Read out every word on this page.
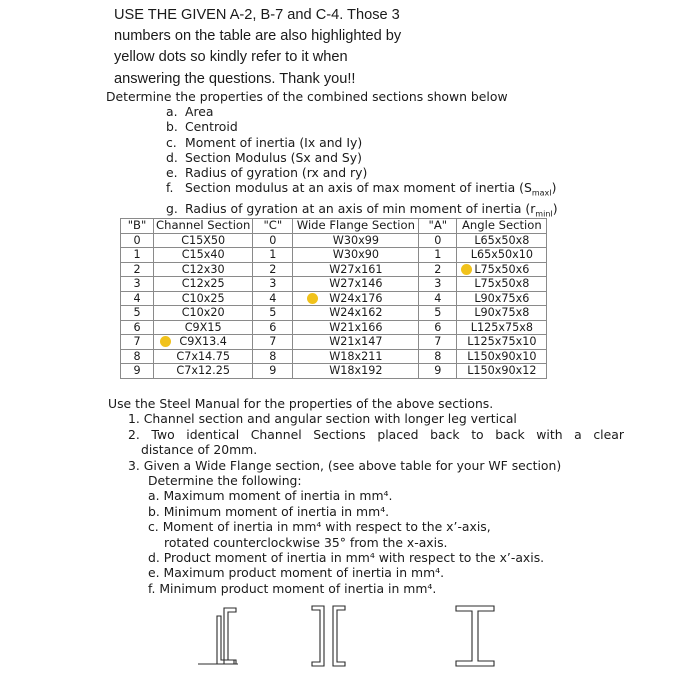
USE THE GIVEN A-2, B-7 and C-4. Those 3
numbers on the table are also highlighted by
yellow dots so kindly refer to it when
answering the questions. Thank you!!
Determine the properties of the combined sections shown below
a. Area
b. Centroid
c. Moment of inertia (Ix and Iy)
d. Section Modulus (Sx and Sy)
e. Radius of gyration (rx and ry)
f. Section modulus at an axis of max moment of inertia $(S_{maxI})$
g. Radius of gyration at an axis of min moment of inertia $(r_{minI})$
"B"	Channel Section	"C"	Wide Flange Section	"A"	Angle Section
0	C15X50	0	W30x99	0	L65x50x8
1	C15x40	1	W30x90	1	L65x50x10
2	C12x30	2	W27x161	2	L75x50x6
3	C12x25	3	W27x146	3	L75x50x8
4	C10x25	4	W24x176	4	L90x75x6
5	C10x20	5	W24x162	5	L90x75x8
6	C9X15	6	W21x166	6	L125x75x8
7	C9X13.4	7	W21x147	7	L125x75x10
8	C7x14.75	8	W18x211	8	L150x90x10
9	C7x12.25	9	W18x192	9	L150x90x12
Use the Steel Manual for the properties of the above sections.
1. Channel section and angular section with longer leg vertical
2. Two identical Channel Sections placed back to back with a clear
distance of 20mm.
3. Given a Wide Flange section, (see above table for your WF section)
Determine the following:
a. Maximum moment of inertia in mm⁴.
b. Minimum moment of inertia in mm⁴.
c. Moment of inertia in mm⁴ with respect to the x’-axis,
rotated counterclockwise 35° from the x-axis.
d. Product moment of inertia in mm⁴ with respect to the x’-axis.
e. Maximum product moment of inertia in mm⁴.
f. Minimum product moment of inertia in mm⁴.
